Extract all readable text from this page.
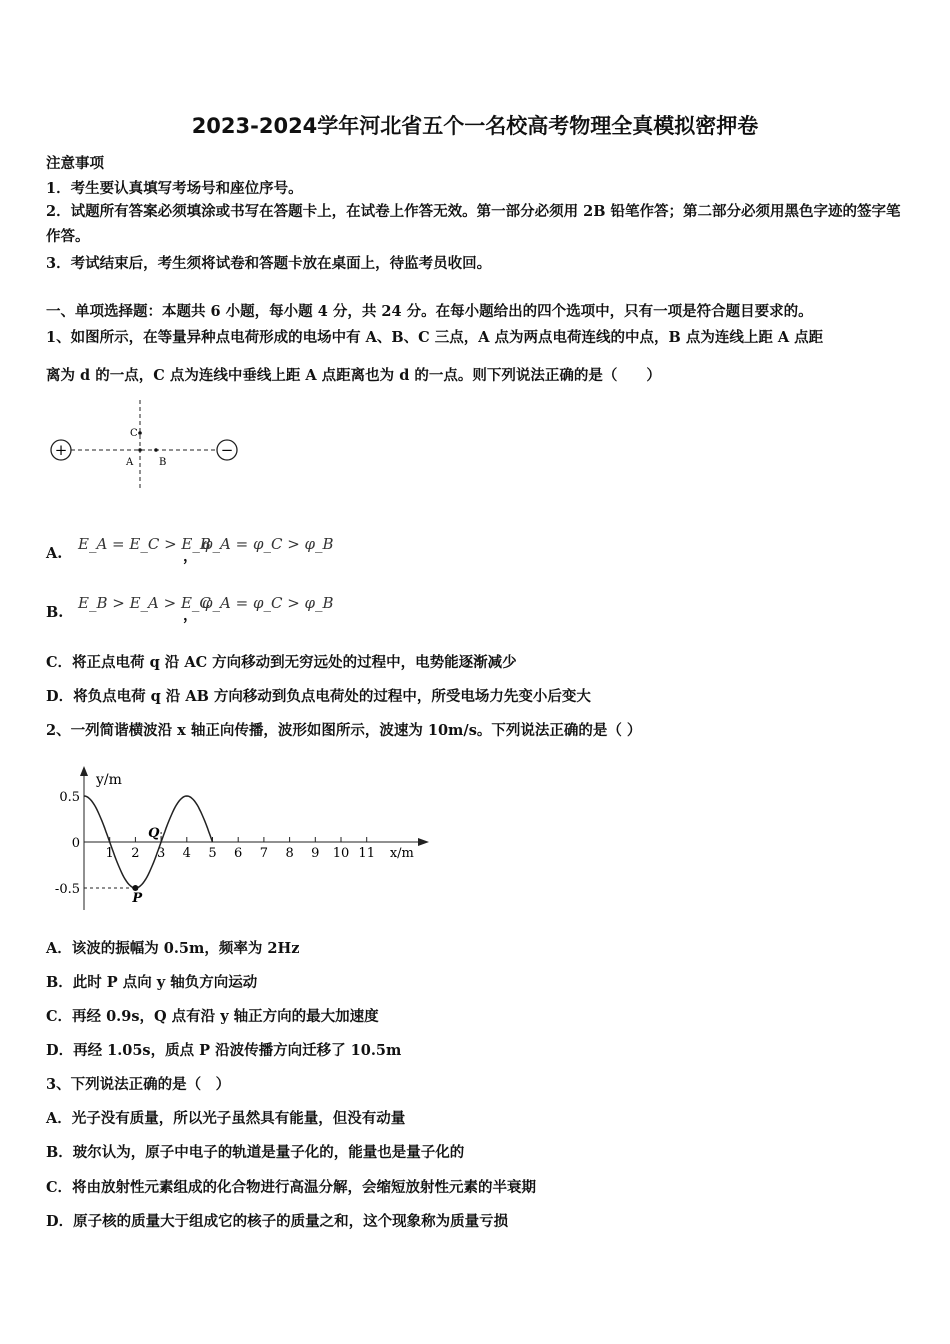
2023-2024学年河北省五个一名校高考物理全真模拟密押卷
注意事项
1．考生要认真填写考场号和座位序号。
2．试题所有答案必须填涂或书写在答题卡上，在试卷上作答无效。第一部分必须用 2B 铅笔作答；第二部分必须用黑色字迹的签字笔作答。
3．考试结束后，考生须将试卷和答题卡放在桌面上，待监考员收回。
一、单项选择题：本题共 6 小题，每小题 4 分，共 24 分。在每小题给出的四个选项中，只有一项是符合题目要求的。
1、如图所示，在等量异种点电荷形成的电场中有 A、B、C 三点，A 点为两点电荷连线的中点，B 点为连线上距 A 点距
离为 d 的一点，C 点为连线中垂线上距 A 点距离也为 d 的一点。则下列说法正确的是（　　）
+	−
C
A	B
A.
E_A = E_C > E_B
，
φ_A = φ_C > φ_B
B.
E_B > E_A > E_C
，
φ_A = φ_C > φ_B
C．将正点电荷 q 沿 AC 方向移动到无穷远处的过程中，电势能逐渐减少
D．将负点电荷 q 沿 AB 方向移动到负点电荷处的过程中，所受电场力先变小后变大
2、一列简谐横波沿 x 轴正向传播，波形如图所示，波速为 10m/s。下列说法正确的是（ ）
y/m
x/m
1 2 3 4 5 6 7 8 9 10 11
0.5
0
-0.5
P
Q
A．该波的振幅为 0.5m，频率为 2Hz
B．此时 P 点向 y 轴负方向运动
C．再经 0.9s，Q 点有沿 y 轴正方向的最大加速度
D．再经 1.05s，质点 P 沿波传播方向迁移了 10.5m
3、下列说法正确的是（　）
A．光子没有质量，所以光子虽然具有能量，但没有动量
B．玻尔认为，原子中电子的轨道是量子化的，能量也是量子化的
C．将由放射性元素组成的化合物进行高温分解，会缩短放射性元素的半衰期
D．原子核的质量大于组成它的核子的质量之和，这个现象称为质量亏损
